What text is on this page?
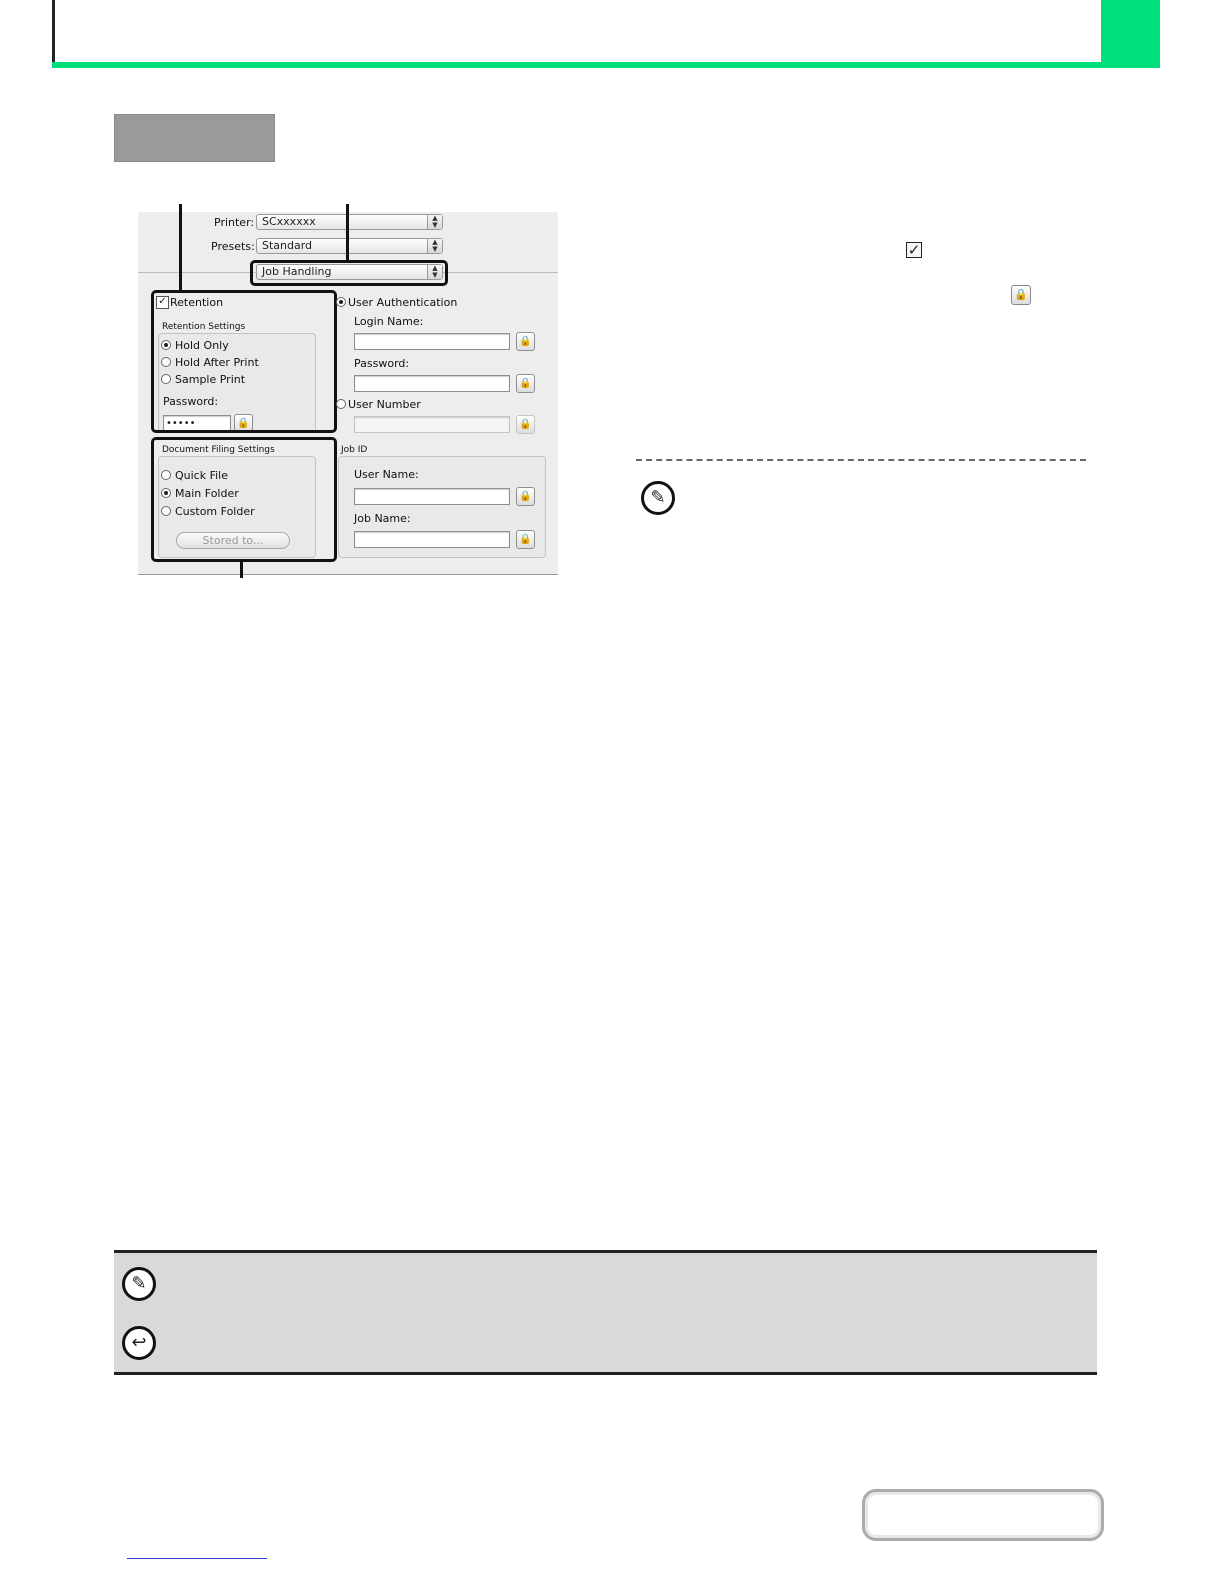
Printer: SCxxxxxx	▲
▼
Presets: Standard	▲
▼
Job Handling	▲
▼
✓ Retention
Retention Settings
Hold Only
Hold After Print
Sample Print
Password:
•••••	🔒
Document Filing Settings
Quick File
Main Folder
Custom Folder
Stored to...
User Authentication
Login Name:
🔒
Password:
🔒
User Number
🔒
Job ID
User Name:
🔒
Job Name:
🔒
✓
🔒
✎
✎
↩
